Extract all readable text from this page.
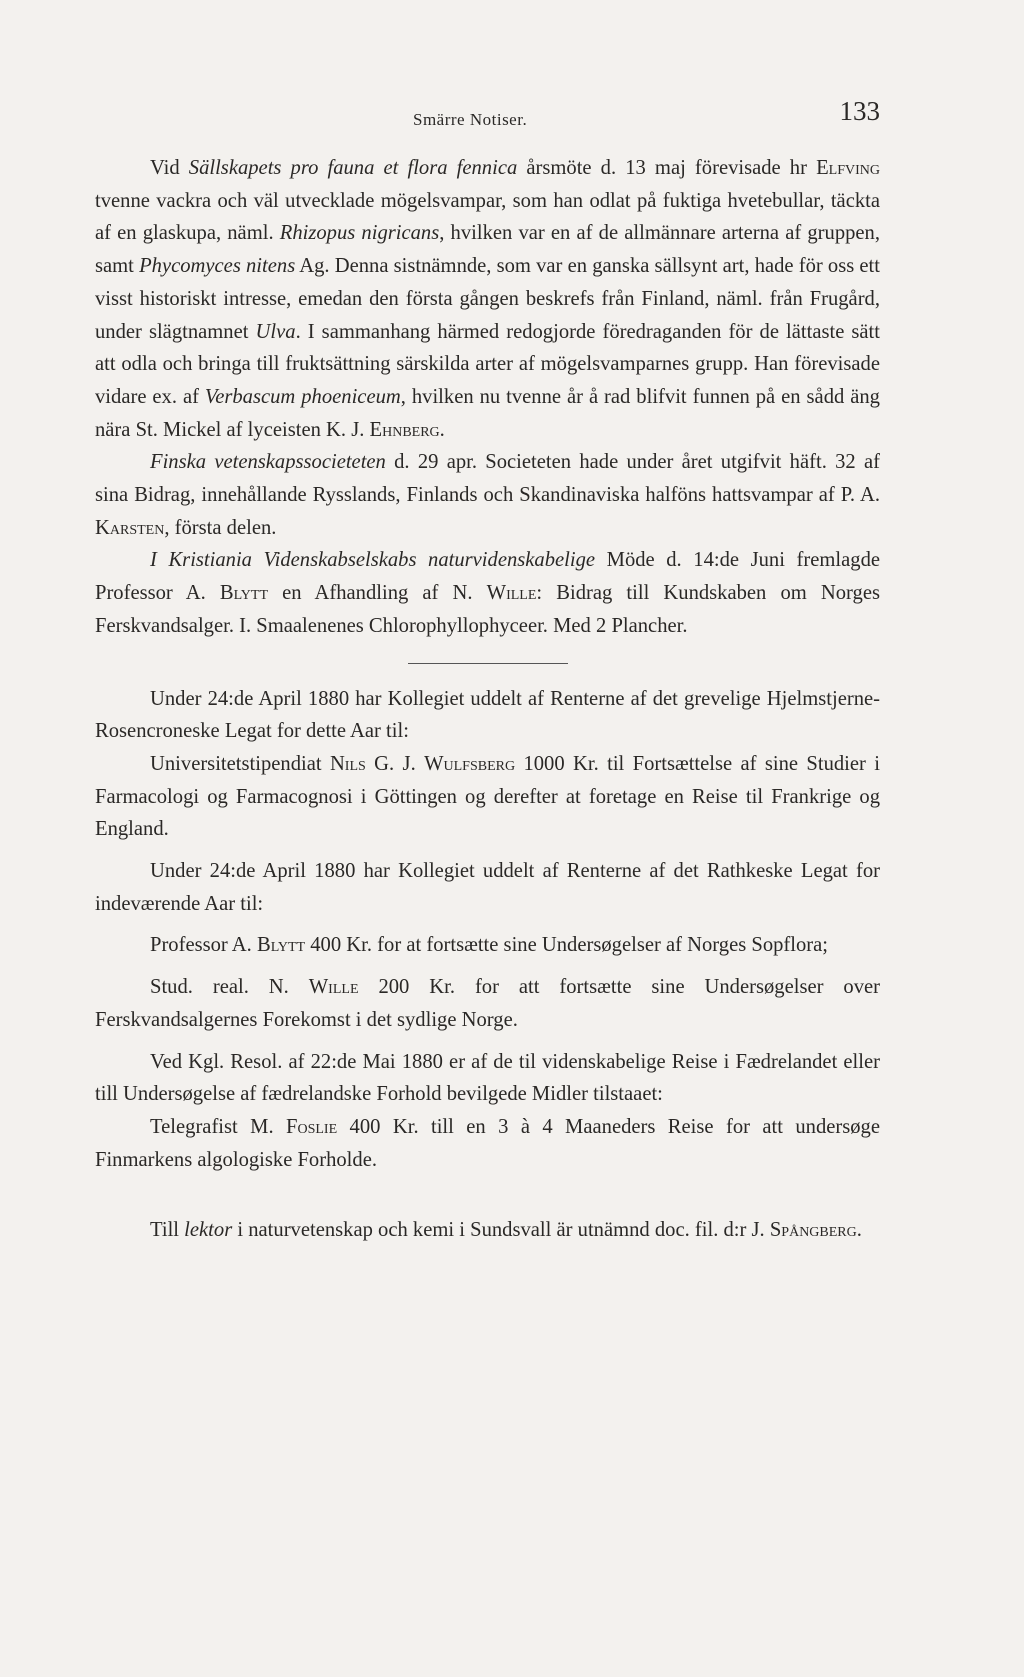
Smärre Notiser.	133

Vid Sällskapets pro fauna et flora fennica årsmöte d. 13 maj förevisade hr Elfving tvenne vackra och väl utvecklade mögelsvampar, som han odlat på fuktiga hvetebullar, täckta af en glaskupa, näml. Rhizopus nigricans, hvilken var en af de allmännare arterna af gruppen, samt Phycomyces nitens Ag. Denna sistnämnde, som var en ganska sällsynt art, hade för oss ett visst historiskt intresse, emedan den första gången beskrefs från Finland, näml. från Frugård, under slägtnamnet Ulva. I sammanhang härmed redogjorde föredraganden för de lättaste sätt att odla och bringa till fruktsättning särskilda arter af mögelsvamparnes grupp. Han förevisade vidare ex. af Verbascum phoeniceum, hvilken nu tvenne år å rad blifvit funnen på en sådd äng nära St. Mickel af lyceisten K. J. Ehnberg.

Finska vetenskapssocieteten d. 29 apr. Societeten hade under året utgifvit häft. 32 af sina Bidrag, innehållande Rysslands, Finlands och Skandinaviska halföns hattsvampar af P. A. Karsten, första delen.

I Kristiania Videnskabselskabs naturvidenskabelige Möde d. 14:de Juni fremlagde Professor A. Blytt en Afhandling af N. Wille: Bidrag till Kundskaben om Norges Ferskvandsalger. I. Smaalenenes Chlorophyllophyceer. Med 2 Plancher.

Under 24:de April 1880 har Kollegiet uddelt af Renterne af det grevelige Hjelmstjerne-Rosencroneske Legat for dette Aar til:

Universitetstipendiat Nils G. J. Wulfsberg 1000 Kr. til Fortsættelse af sine Studier i Farmacologi og Farmacognosi i Göttingen og derefter at foretage en Reise til Frankrige og England.

Under 24:de April 1880 har Kollegiet uddelt af Renterne af det Rathkeske Legat for indeværende Aar til:

Professor A. Blytt 400 Kr. for at fortsætte sine Undersøgelser af Norges Sopflora;

Stud. real. N. Wille 200 Kr. for att fortsætte sine Undersøgelser over Ferskvandsalgernes Forekomst i det sydlige Norge.

Ved Kgl. Resol. af 22:de Mai 1880 er af de til videnskabelige Reise i Fædrelandet eller till Undersøgelse af fædrelandske Forhold bevilgede Midler tilstaaet:

Telegrafist M. Foslie 400 Kr. till en 3 à 4 Maaneders Reise for att undersøge Finmarkens algologiske Forholde.

Till lektor i naturvetenskap och kemi i Sundsvall är utnämnd doc. fil. d:r J. Spångberg.
